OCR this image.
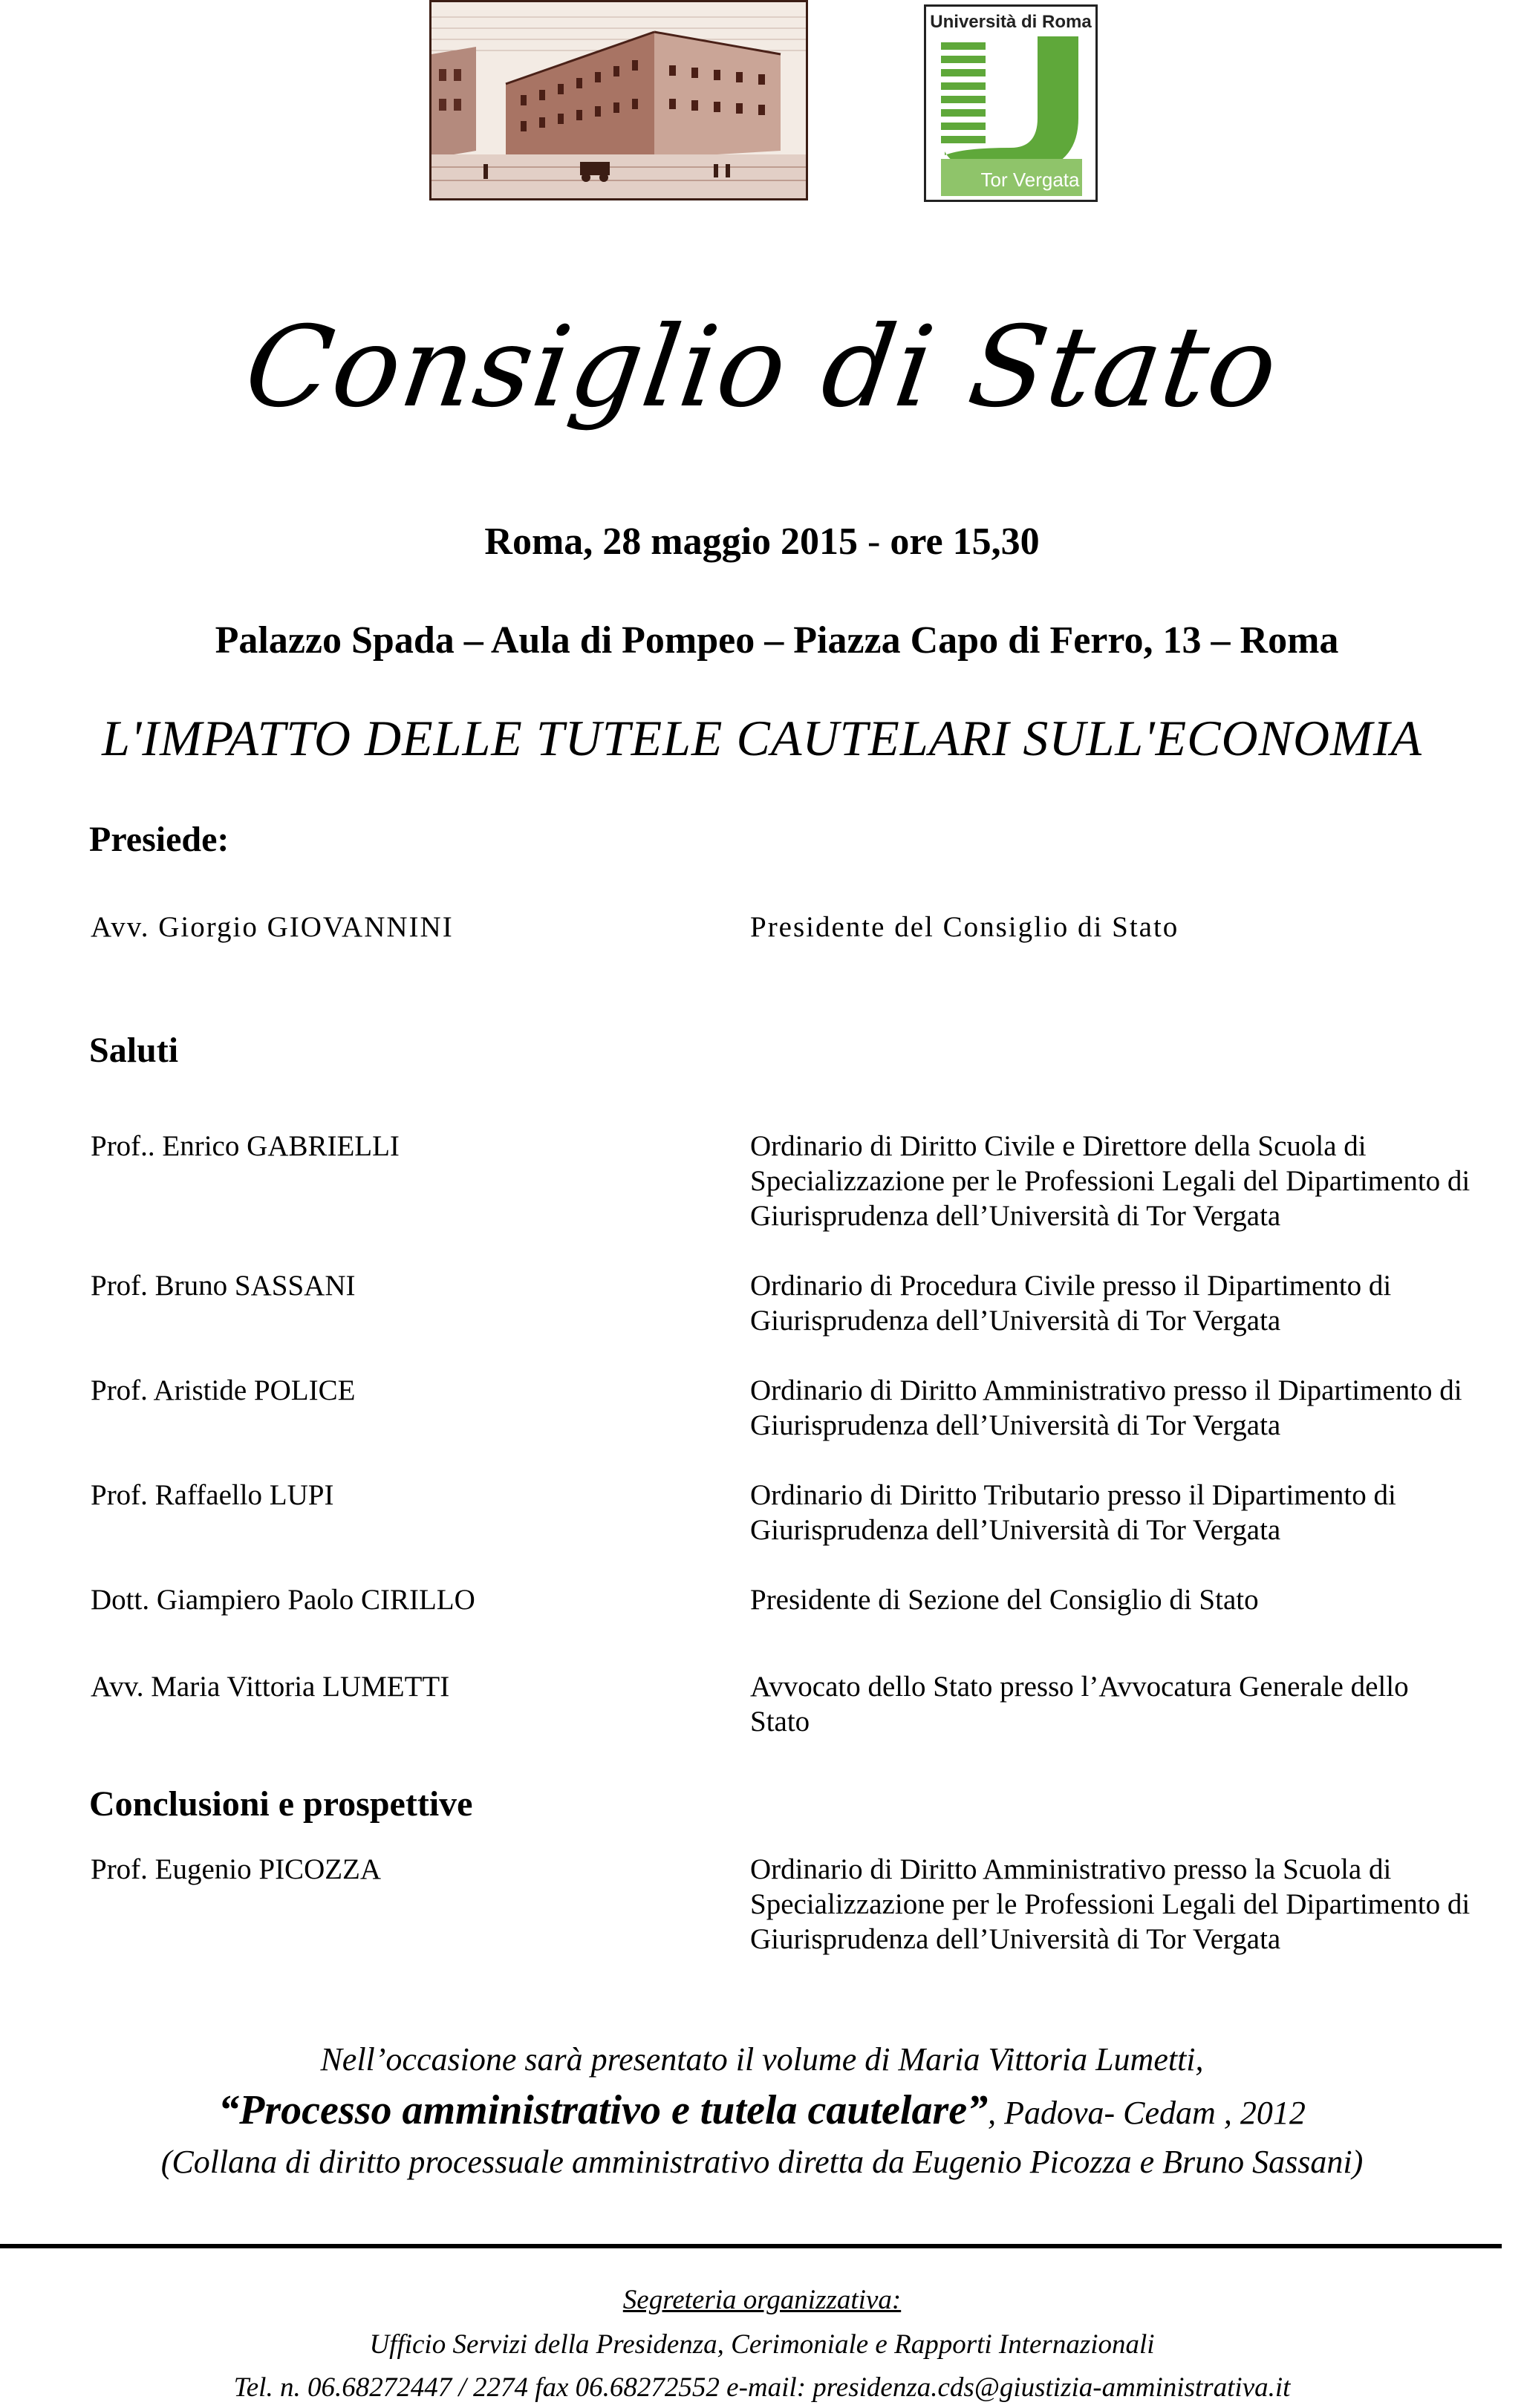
Università di Roma
Tor Vergata
Consiglio di Stato
Roma, 28 maggio 2015 - ore 15,30
Palazzo Spada – Aula di Pompeo – Piazza Capo di Ferro, 13 – Roma
L'IMPATTO DELLE TUTELE CAUTELARI SULL'ECONOMIA
Presiede:
Avv. Giorgio GIOVANNINI	Presidente del Consiglio di Stato
Saluti
Prof.. Enrico GABRIELLI	Ordinario di Diritto Civile e Direttore della Scuola di
Specializzazione per le Professioni Legali del Dipartimento di
Giurisprudenza dell’Università di Tor Vergata
Prof. Bruno SASSANI	Ordinario di Procedura Civile presso il Dipartimento di
Giurisprudenza dell’Università di Tor Vergata
Prof. Aristide POLICE	Ordinario di Diritto Amministrativo presso il Dipartimento di
Giurisprudenza dell’Università di Tor Vergata
Prof. Raffaello LUPI	Ordinario di Diritto Tributario presso il Dipartimento di
Giurisprudenza dell’Università di Tor Vergata
Dott. Giampiero Paolo CIRILLO	Presidente di Sezione del Consiglio di Stato
Avv. Maria Vittoria LUMETTI	Avvocato dello Stato presso l’Avvocatura Generale dello
Stato
Conclusioni e prospettive
Prof. Eugenio PICOZZA	Ordinario di Diritto Amministrativo presso la Scuola di
Specializzazione per le Professioni Legali del Dipartimento di
Giurisprudenza dell’Università di Tor Vergata
Nell’occasione sarà presentato il volume di Maria Vittoria Lumetti,
“Processo amministrativo e tutela cautelare”, Padova- Cedam , 2012
(Collana di diritto processuale amministrativo diretta da Eugenio Picozza e Bruno Sassani)
Segreteria organizzativa:
Ufficio Servizi della Presidenza, Cerimoniale e Rapporti Internazionali
Tel. n. 06.68272447 / 2274 fax 06.68272552 e-mail: presidenza.cds@giustizia-amministrativa.it
